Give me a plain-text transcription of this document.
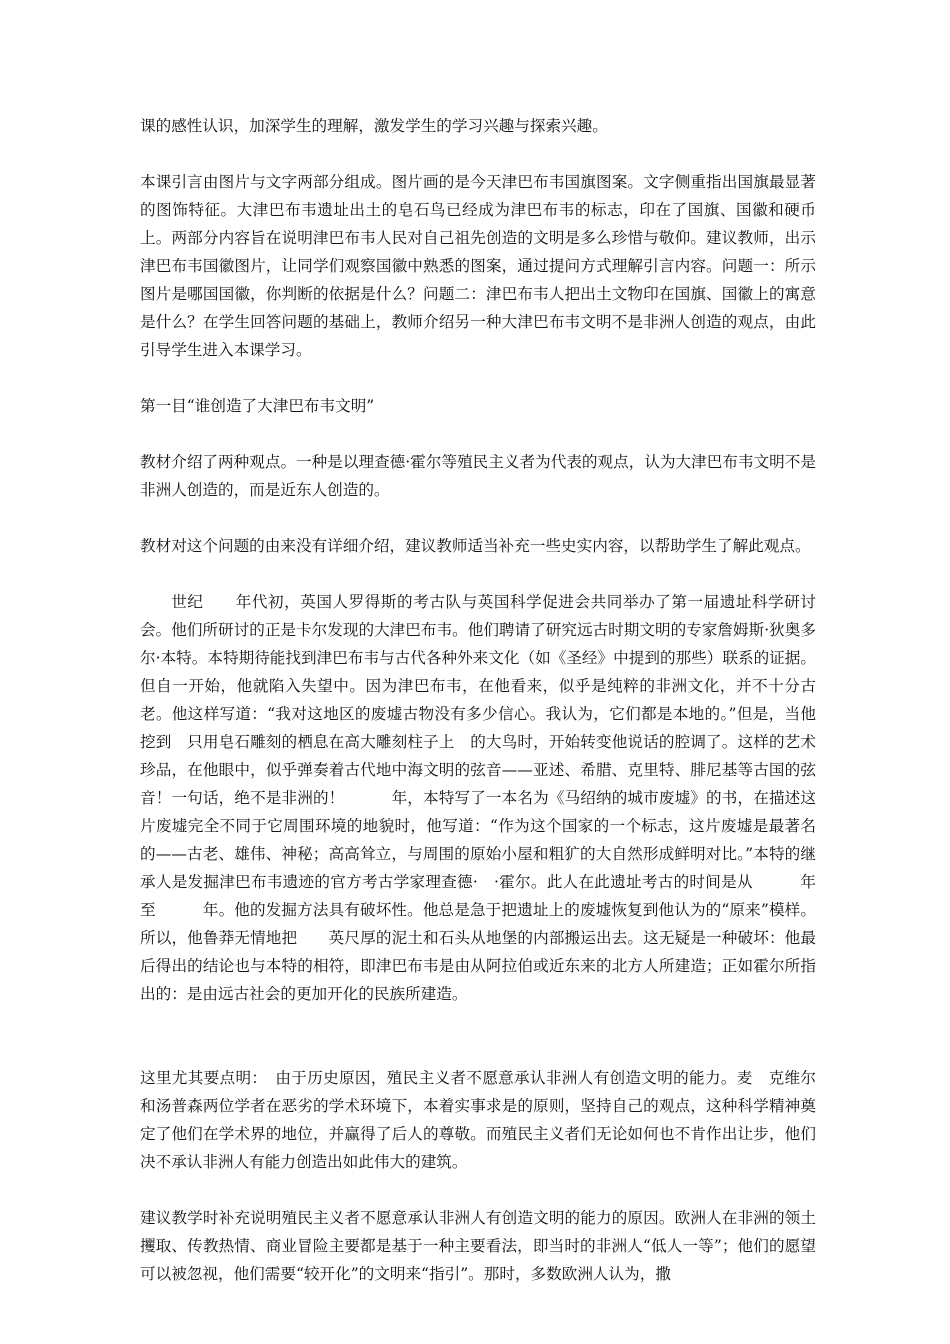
课的感性认识，加深学生的理解，激发学生的学习兴趣与探索兴趣。

本课引言由图片与文字两部分组成。图片画的是今天津巴布韦国旗图案。文字侧重指出国旗最显著的图饰特征。大津巴布韦遗址出土的皂石鸟已经成为津巴布韦的标志，印在了国旗、国徽和硬币上。两部分内容旨在说明津巴布韦人民对自己祖先创造的文明是多么珍惜与敬仰。建议教师，出示津巴布韦国徽图片，让同学们观察国徽中熟悉的图案，通过提问方式理解引言内容。问题一：所示图片是哪国国徽，你判断的依据是什么？问题二：津巴布韦人把出土文物印在国旗、国徽上的寓意是什么？在学生回答问题的基础上，教师介绍另一种大津巴布韦文明不是非洲人创造的观点，由此引导学生进入本课学习。

第一目“谁创造了大津巴布韦文明”

教材介绍了两种观点。一种是以理查德·霍尔等殖民主义者为代表的观点，认为大津巴布韦文明不是非洲人创造的，而是近东人创造的。

教材对这个问题的由来没有详细介绍，建议教师适当补充一些史实内容，以帮助学生了解此观点。

世纪　　年代初，英国人罗得斯的考古队与英国科学促进会共同举办了第一届遗址科学研讨会。他们所研讨的正是卡尔发现的大津巴布韦。他们聘请了研究远古时期文明的专家詹姆斯·狄奥多尔·本特。本特期待能找到津巴布韦与古代各种外来文化（如《圣经》中提到的那些）联系的证据。但自一开始，他就陷入失望中。因为津巴布韦，在他看来，似乎是纯粹的非洲文化，并不十分古老。他这样写道：“我对这地区的废墟古物没有多少信心。我认为，它们都是本地的。”但是，当他挖到　只用皂石雕刻的栖息在高大雕刻柱子上　的大鸟时，开始转变他说话的腔调了。这样的艺术珍品，在他眼中，似乎弹奏着古代地中海文明的弦音——亚述、希腊、克里特、腓尼基等古国的弦音！一句话，绝不是非洲的！　　　年，本特写了一本名为《马绍纳的城市废墟》的书，在描述这片废墟完全不同于它周围环境的地貌时，他写道：“作为这个国家的一个标志，这片废墟是最著名的——古老、雄伟、神秘；高高耸立，与周围的原始小屋和粗犷的大自然形成鲜明对比。”本特的继承人是发掘津巴布韦遗迹的官方考古学家理查德·　·霍尔。此人在此遗址考古的时间是从　　　年至　　　年。他的发掘方法具有破坏性。他总是急于把遗址上的废墟恢复到他认为的“原来”模样。所以，他鲁莽无情地把　　英尺厚的泥土和石头从地堡的内部搬运出去。这无疑是一种破坏：他最后得出的结论也与本特的相符，即津巴布韦是由从阿拉伯或近东来的北方人所建造；正如霍尔所指出的：是由远古社会的更加开化的民族所建造。

这里尤其要点明：　由于历史原因，殖民主义者不愿意承认非洲人有创造文明的能力。麦　克维尔和汤普森两位学者在恶劣的学术环境下，本着实事求是的原则，坚持自己的观点，这种科学精神奠定了他们在学术界的地位，并赢得了后人的尊敬。而殖民主义者们无论如何也不肯作出让步，他们决不承认非洲人有能力创造出如此伟大的建筑。

建议教学时补充说明殖民主义者不愿意承认非洲人有创造文明的能力的原因。欧洲人在非洲的领土攫取、传教热情、商业冒险主要都是基于一种主要看法，即当时的非洲人“低人一等”；他们的愿望可以被忽视，他们需要“较开化”的文明来“指引”。那时，多数欧洲人认为，撒
